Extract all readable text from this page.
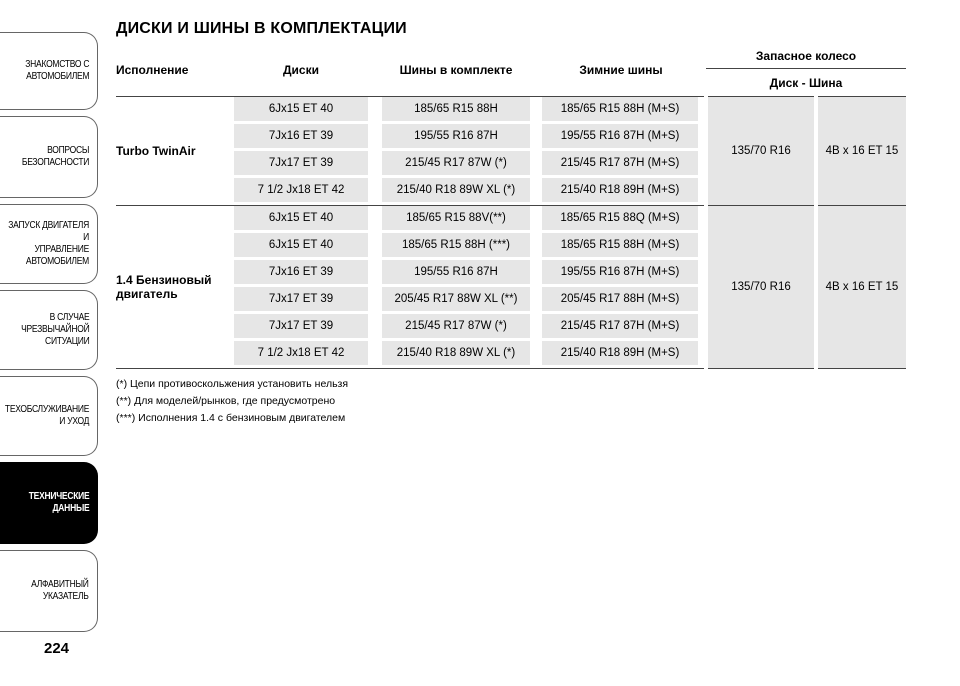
ЗНАКОМСТВО С
АВТОМОБИЛЕМ
ВОПРОСЫ
БЕЗОПАСНОСТИ
ЗАПУСК ДВИГАТЕЛЯ И
УПРАВЛЕНИЕ
АВТОМОБИЛЕМ
В СЛУЧАЕ
ЧРЕЗВЫЧАЙНОЙ
СИТУАЦИИ
ТЕХОБСЛУЖИВАНИЕ
И УХОД
ТЕХНИЧЕСКИЕ
ДАННЫЕ
АЛФАВИТНЫЙ
УКАЗАТЕЛЬ
224
ДИСКИ И ШИНЫ В КОМПЛЕКТАЦИИ
Исполнение	Диски	Шины в комплекте	Зимние шины	Запасное колесо	
				Диск - Шина	
Turbo TwinAir	6Jx15 ET 40	185/65 R15 88H	185/65 R15 88H (M+S)	135/70 R16	4B x 16 ET 15

	7Jx16 ET 39	195/55 R16 87H	195/55 R16 87H (M+S)		

	7Jx17 ET 39	215/45 R17 87W (*)	215/45 R17 87H (M+S)		

	7 1/2 Jx18 ET 42	215/40 R18 89W XL (*)	215/40 R18 89H (M+S)		

1.4 Бензиновый двигатель	6Jx15 ET 40	185/65 R15 88V(**)	185/65 R15 88Q (M+S)	135/70 R16	4B x 16 ET 15

	6Jx15 ET 40	185/65 R15 88H (***)	185/65 R15 88H (M+S)		

	7Jx16 ET 39	195/55 R16 87H	195/55 R16 87H (M+S)		

	7Jx17 ET 39	205/45 R17 88W XL (**)	205/45 R17 88H (M+S)		

	7Jx17 ET 39	215/45 R17 87W (*)	215/45 R17 87H (M+S)		

	7 1/2 Jx18 ET 42	215/40 R18 89W XL (*)	215/40 R18 89H (M+S)		
(*) Цепи противоскольжения установить нельзя
(**) Для моделей/рынков, где предусмотрено
(***) Исполнения 1.4 с бензиновым двигателем
